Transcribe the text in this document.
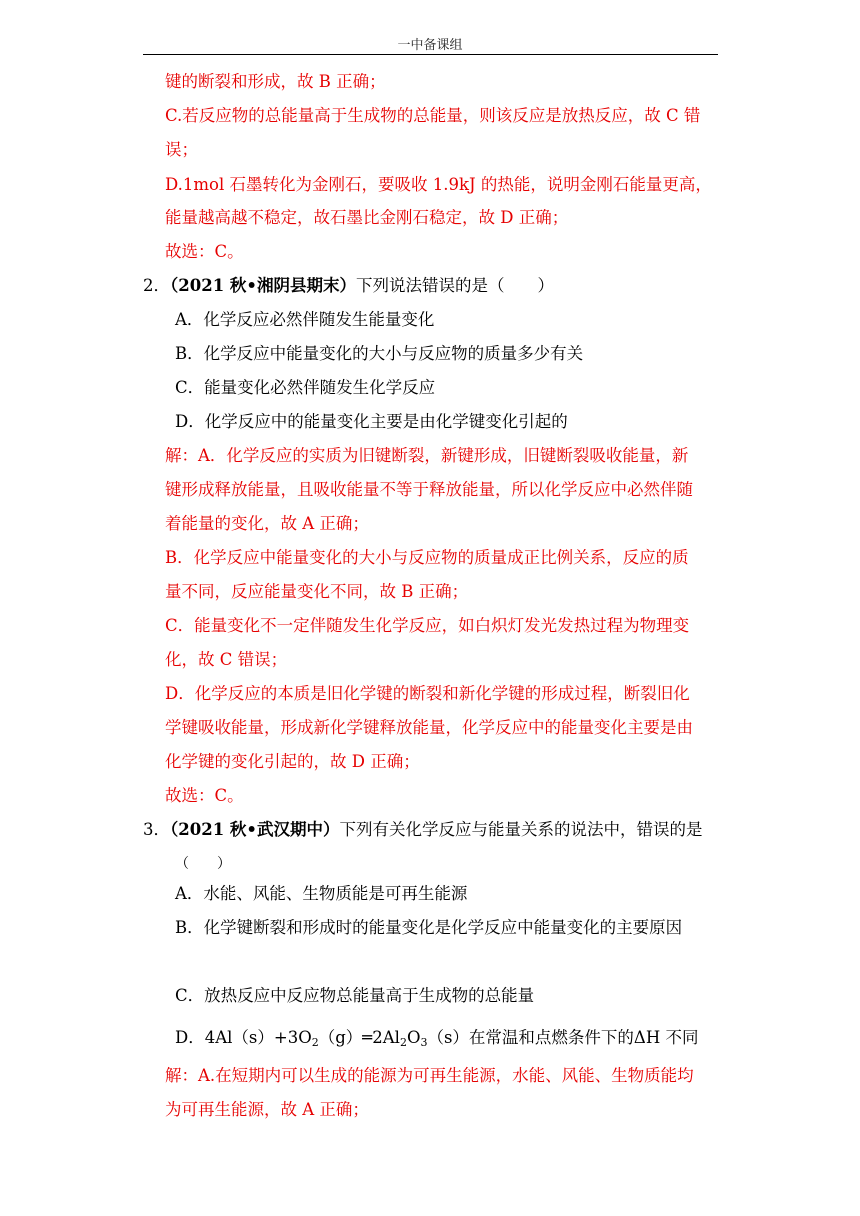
一中备课组
键的断裂和形成，故 B 正确；
C.若反应物的总能量高于生成物的总能量，则该反应是放热反应，故 C 错
误；
D.1mol 石墨转化为金刚石，要吸收 1.9kJ 的热能，说明金刚石能量更高，
能量越高越不稳定，故石墨比金刚石稳定，故 D 正确；
故选：C。
2．（2021 秋•湘阴县期末）下列说法错误的是（　　）
A．化学反应必然伴随发生能量变化
B．化学反应中能量变化的大小与反应物的质量多少有关
C．能量变化必然伴随发生化学反应
D．化学反应中的能量变化主要是由化学键变化引起的
解：A．化学反应的实质为旧键断裂，新键形成，旧键断裂吸收能量，新
键形成释放能量，且吸收能量不等于释放能量，所以化学反应中必然伴随
着能量的变化，故 A 正确；
B．化学反应中能量变化的大小与反应物的质量成正比例关系，反应的质
量不同，反应能量变化不同，故 B 正确；
C．能量变化不一定伴随发生化学反应，如白炽灯发光发热过程为物理变
化，故 C 错误；
D．化学反应的本质是旧化学键的断裂和新化学键的形成过程，断裂旧化
学键吸收能量，形成新化学键释放能量，化学反应中的能量变化主要是由
化学键的变化引起的，故 D 正确；
故选：C。
3．（2021 秋•武汉期中）下列有关化学反应与能量关系的说法中，错误的是
（　　）
A．水能、风能、生物质能是可再生能源
B．化学键断裂和形成时的能量变化是化学反应中能量变化的主要原因
C．放热反应中反应物总能量高于生成物的总能量
D．$4Al(s)+3O_2(g)═2Al_2O_3(s)$在常温和点燃条件下的ΔH 不同
解：A.在短期内可以生成的能源为可再生能源，水能、风能、生物质能均
为可再生能源，故 A 正确；
